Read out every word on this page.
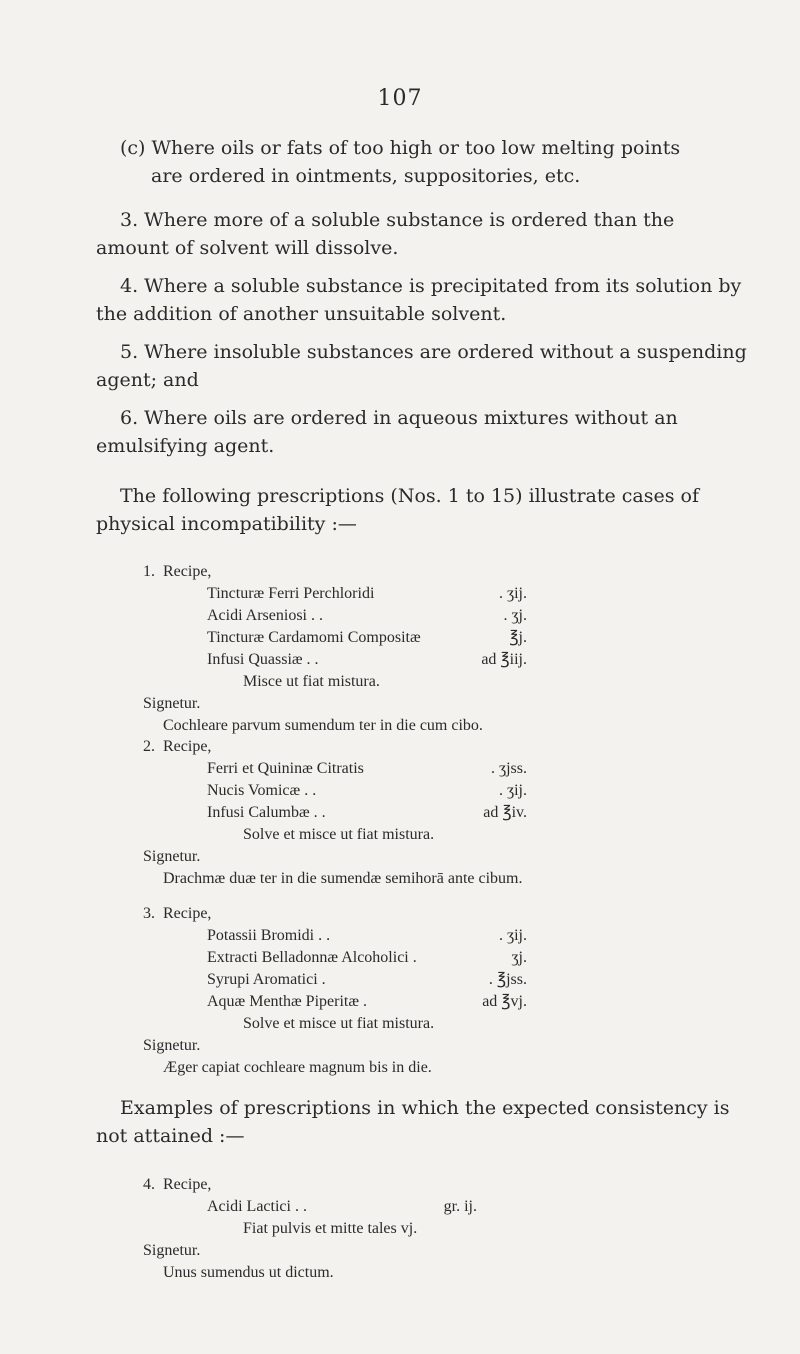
107
(c) Where oils or fats of too high or too low melting points
are ordered in ointments, suppositories, etc.
3. Where more of a soluble substance is ordered than the amount of solvent will dissolve.
4. Where a soluble substance is precipitated from its solution by the addition of another unsuitable solvent.
5. Where insoluble substances are ordered without a suspending agent; and
6. Where oils are ordered in aqueous mixtures without an emulsifying agent.
The following prescriptions (Nos. 1 to 15) illustrate cases of physical incompatibility :—
1. Recipe,
Tincturæ Ferri Perchloridi	. ʒij.
Acidi Arseniosi . .	. ʒj.
Tincturæ Cardamomi Compositæ	℥j.
Infusi Quassiæ . .	ad ℥iij.
Misce ut fiat mistura.
Signetur.
Cochleare parvum sumendum ter in die cum cibo.
2. Recipe,
Ferri et Quininæ Citratis	. ʒjss.
Nucis Vomicæ . .	. ʒij.
Infusi Calumbæ . .	ad ℥iv.
Solve et misce ut fiat mistura.
Signetur.
Drachmæ duæ ter in die sumendæ semihorā ante cibum.
3. Recipe,
Potassii Bromidi . .	. ʒij.
Extracti Belladonnæ Alcoholici .	ʒj.
Syrupi Aromatici .	. ℥jss.
Aquæ Menthæ Piperitæ .	ad ℥vj.
Solve et misce ut fiat mistura.
Signetur.
Æger capiat cochleare magnum bis in die.
Examples of prescriptions in which the expected consistency is not attained :—
4. Recipe,
Acidi Lactici . .	gr. ij.
Fiat pulvis et mitte tales vj.
Signetur.
Unus sumendus ut dictum.
